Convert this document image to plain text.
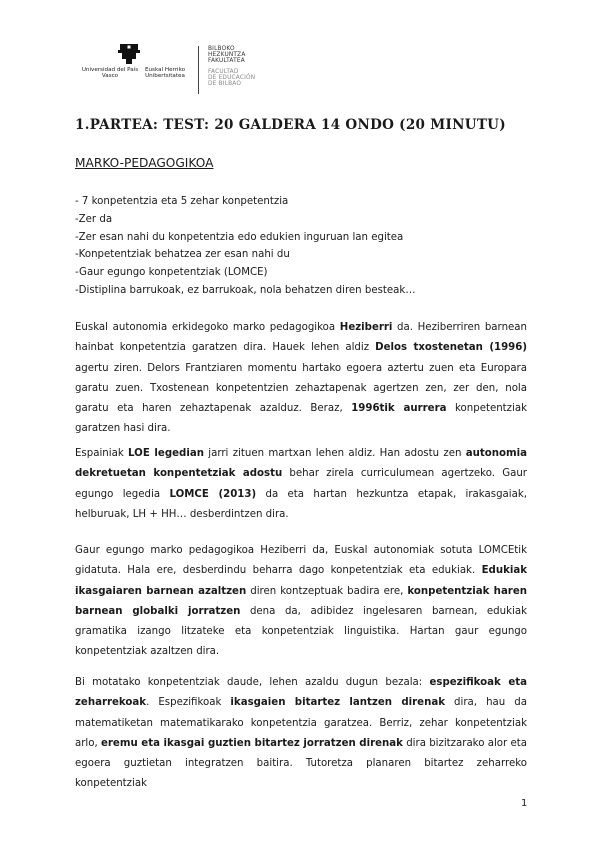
Universidad del País Vasco
Euskal Herriko Unibertsitatea
BILBOKO
HEZKUNTZA
FAKULTATEA
FACULTAD
DE EDUCACIÓN
DE BILBAO
1.PARTEA: TEST: 20 GALDERA 14 ONDO (20 MINUTU)
MARKO-PEDAGOGIKOA
- 7 konpetentzia eta 5 zehar konpetentzia
-Zer da
-Zer esan nahi du konpetentzia edo edukien inguruan lan egitea
-Konpetentziak behatzea zer esan nahi du
-Gaur egungo konpetentziak (LOMCE)
-Distiplina barrukoak, ez barrukoak, nola behatzen diren besteak…

Euskal autonomia erkidegoko marko pedagogikoa Heziberri da. Heziberriren barnean hainbat konpetentzia garatzen dira. Hauek lehen aldiz Delos txostenetan (1996) agertu ziren. Delors Frantziaren momentu hartako egoera aztertu zuen eta Europara garatu zuen. Txostenean konpetentzien zehaztapenak agertzen zen, zer den, nola garatu eta haren zehaztapenak azalduz. Beraz, 1996tik aurrera konpetentziak garatzen hasi dira.

Espainiak LOE legedian jarri zituen martxan lehen aldiz. Han adostu zen autonomia dekretuetan konpentetziak adostu behar zirela curriculumean agertzeko. Gaur egungo legedia LOMCE (2013) da eta hartan hezkuntza etapak, irakasgaiak, helburuak, LH + HH… desberdintzen dira.

Gaur egungo marko pedagogikoa Heziberri da, Euskal autonomiak sotuta LOMCEtik gidatuta. Hala ere, desberdindu beharra dago konpetentziak eta edukiak. Edukiak ikasgaiaren barnean azaltzen diren kontzeptuak badira ere, konpetentziak haren barnean globalki jorratzen dena da, adibidez ingelesaren barnean, edukiak gramatika izango litzateke eta konpetentziak linguistika. Hartan gaur egungo konpetentziak azaltzen dira.

Bi motatako konpetentziak daude, lehen azaldu dugun bezala: espezifikoak eta zeharrekoak. Espezifikoak ikasgaien bitartez lantzen direnak dira, hau da matematiketan matematikarako konpetentzia garatzea. Berriz, zehar konpetentziak arlo, eremu eta ikasgai guztien bitartez jorratzen direnak dira bizitzarako alor eta egoera guztietan integratzen baitira. Tutoretza planaren bitartez zeharreko konpetentziak

1
